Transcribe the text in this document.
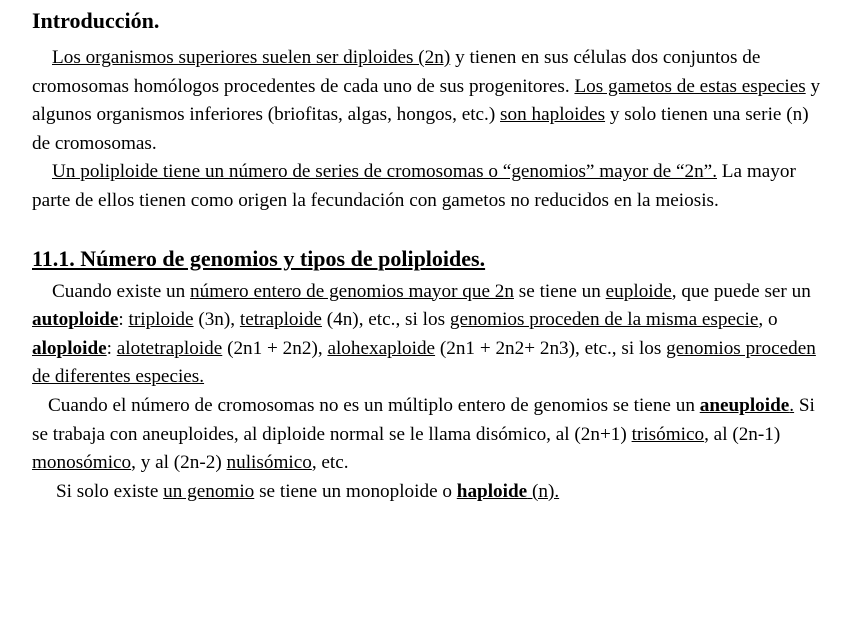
Introducción.

Los organismos superiores suelen ser diploides (2n) y tienen en sus células dos conjuntos de cromosomas homólogos procedentes de cada uno de sus progenitores. Los gametos de estas especies y algunos organismos inferiores (briofitas, algas, hongos, etc.) son haploides y solo tienen una serie (n) de cromosomas.

Un poliploide tiene un número de series de cromosomas o “genomios” mayor de “2n”. La mayor parte de ellos tienen como origen la fecundación con gametos no reducidos en la meiosis.

11.1. Número de genomios y tipos de poliploides.

Cuando existe un número entero de genomios mayor que 2n se tiene un euploide, que puede ser un autoploide: triploide (3n), tetraploide (4n), etc., si los genomios proceden de la misma especie, o aloploide: alotetraploide (2n1 + 2n2), alohexaploide (2n1 + 2n2+ 2n3), etc., si los genomios proceden de diferentes especies.

Cuando el número de cromosomas no es un múltiplo entero de genomios se tiene un aneuploide. Si se trabaja con aneuploides, al diploide normal se le llama disómico, al (2n+1) trisómico, al (2n-1) monosómico, y al (2n-2) nulisómico, etc.

Si solo existe un genomio se tiene un monoploide o haploide (n).
